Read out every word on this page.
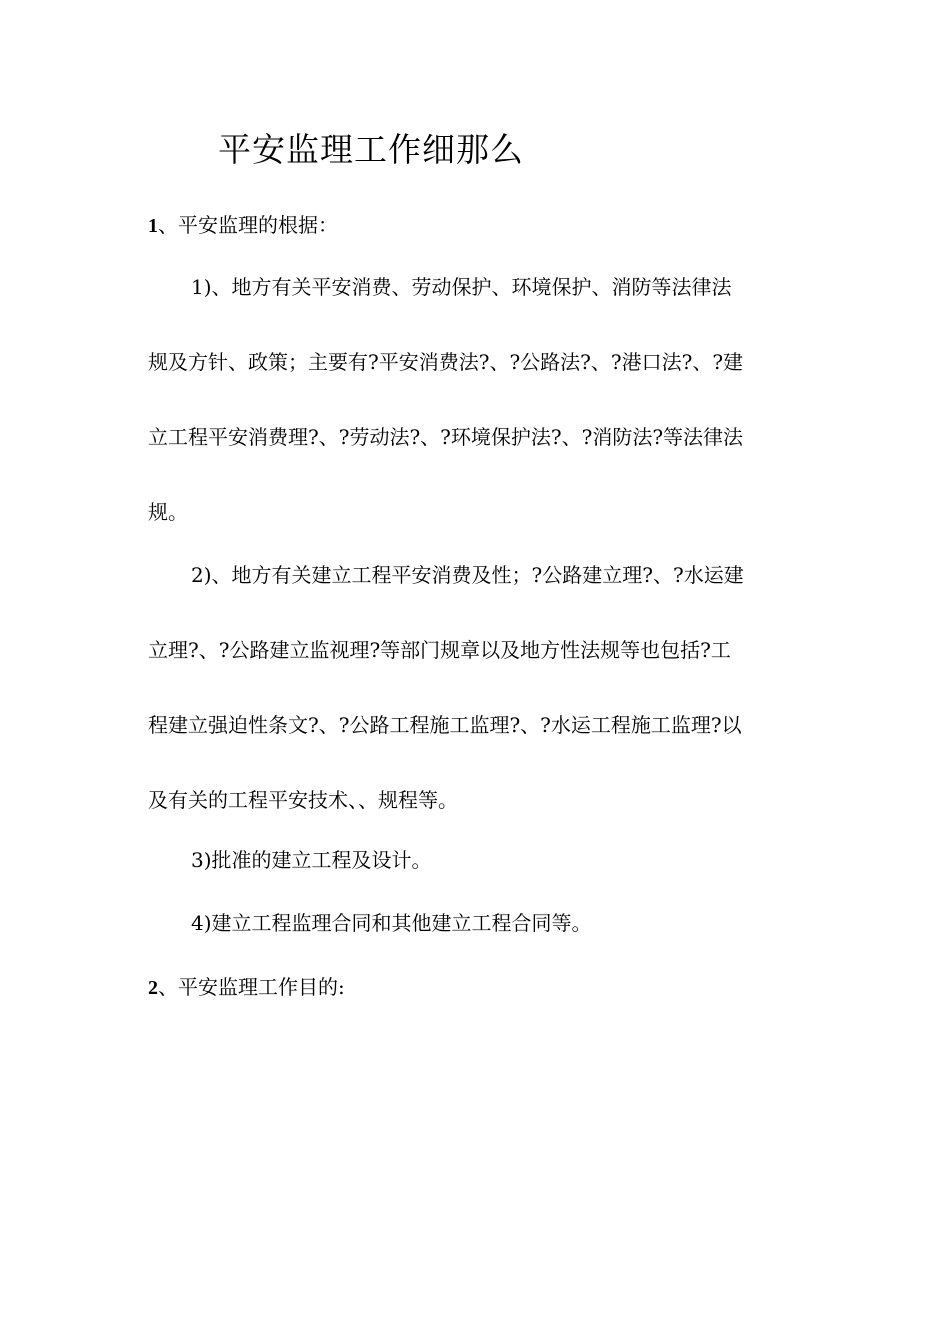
平安监理工作细那么
1、平安监理的根据：
1)、地方有关平安消费、劳动保护、环境保护、消防等法律法
规及方针、政策；主要有?平安消费法?、?公路法?、?港口法?、?建
立工程平安消费理?、?劳动法?、?环境保护法?、?消防法?等法律法
规。
2)、地方有关建立工程平安消费及性；?公路建立理?、?水运建
立理?、?公路建立监视理?等部门规章以及地方性法规等也包括?工
程建立强迫性条文?、?公路工程施工监理?、?水运工程施工监理?以
及有关的工程平安技术、、规程等。
3)批准的建立工程及设计。
4)建立工程监理合同和其他建立工程合同等。
2、平安监理工作目的:
